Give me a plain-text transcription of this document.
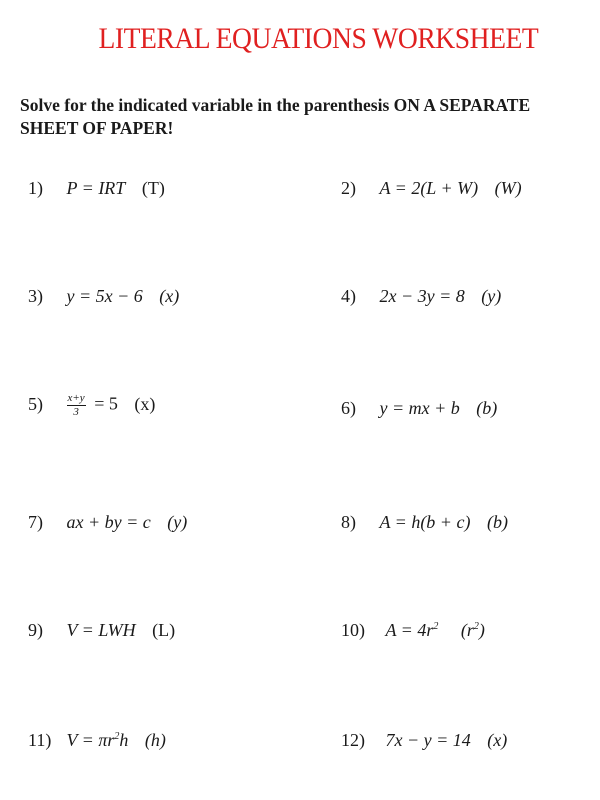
LITERAL EQUATIONS WORKSHEET
Solve for the indicated variable in the parenthesis ON A SEPARATE SHEET OF PAPER!
1) P = IRT (T)	2) A = 2(L + W) (W)
3) y = 5x − 6 (x)	4) 2x − 3y = 8 (y)
$5) \frac{x+y}{3} = 5$ (x)	6) y = mx + b (b)
7) ax + by = c (y)	8) A = h(b + c) (b)
9) V = LWH (L)	10) $A = 4r^2$ $(r^2)$
11) $V = \pi r^2h$ (h)	12) 7x − y = 14 (x)
